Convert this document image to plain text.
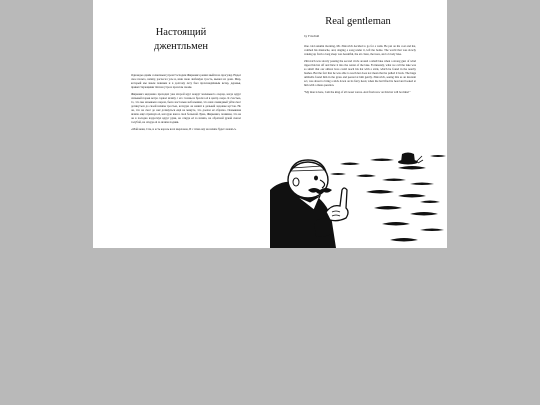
Настоящий
джентльмен

Однажды одним солнечным утром Господин Жиркович решил выйти на прогулку. Надел свое пальто, шляпу, расчесал усы и, взяв свою любимую трость, вышел из дома. Мир, который мы знаем повинен и в долгому лету был прохлаждённым ветер, деревья, приветствующими тёплом утра и прохлом своим.

Жиркович медленно проходил уже второй круг вокруг маленького озерца, когда вдруг сильный порыв ветра сорвал шляпу с его головы и бросил её в центр озера. К счастью, то, что мы называем озером, было настолько небольшим, что наш очевидный уйти смог дотянуться до своей шляпы тростью, которую он нашёл в дальней ладошке кустов. Но он, что не смог до неё дотянуться ещё на минуте, что доехал её обратно. Помывшая шляпа ещё отряхнув её, которую ваш в своё большой Лужа, Жиркович, понимая, что не он в холодно вздрогнул вдруг руки, на откуда её за шляпа, на обратной рукой сказал голубой, на откуда её за шляпа подняв.

«Мой меня, Сэм, и есть король всех шерлоков, И с этим ему на шляпе будет лежать!»

Real gentleman
by Frischull

One cold autumn morning, Mr. Zhirovich decided to go for a walk. He put on his coat and hat, combed his mustache, and, singing a song under it, left the home. The world that was slowly waking up from a long sleep was beautiful, the air clean, the trees, and a lovely lake.

Zhirovich was slowly passing the second circle around a small lake when a strong gust of wind ripped his hat off and blew it into the center of the lake. Fortunately, what we call the lake was so small that our almost boss could reach his hat with a stick, which he found in the nearby bushes. But the fact that he was able to reach her does not mean that he pulled it back. The huge umbrella found him in the grass and peered at him gently. Zhirovich, seeing this as an insolent act, was about to bring a stick down on its furry head, when the hat lifted its head and looked at him with a mute question.

"My man is here, I am the king of all sweet waves. And from now on this hat will be mine!"
